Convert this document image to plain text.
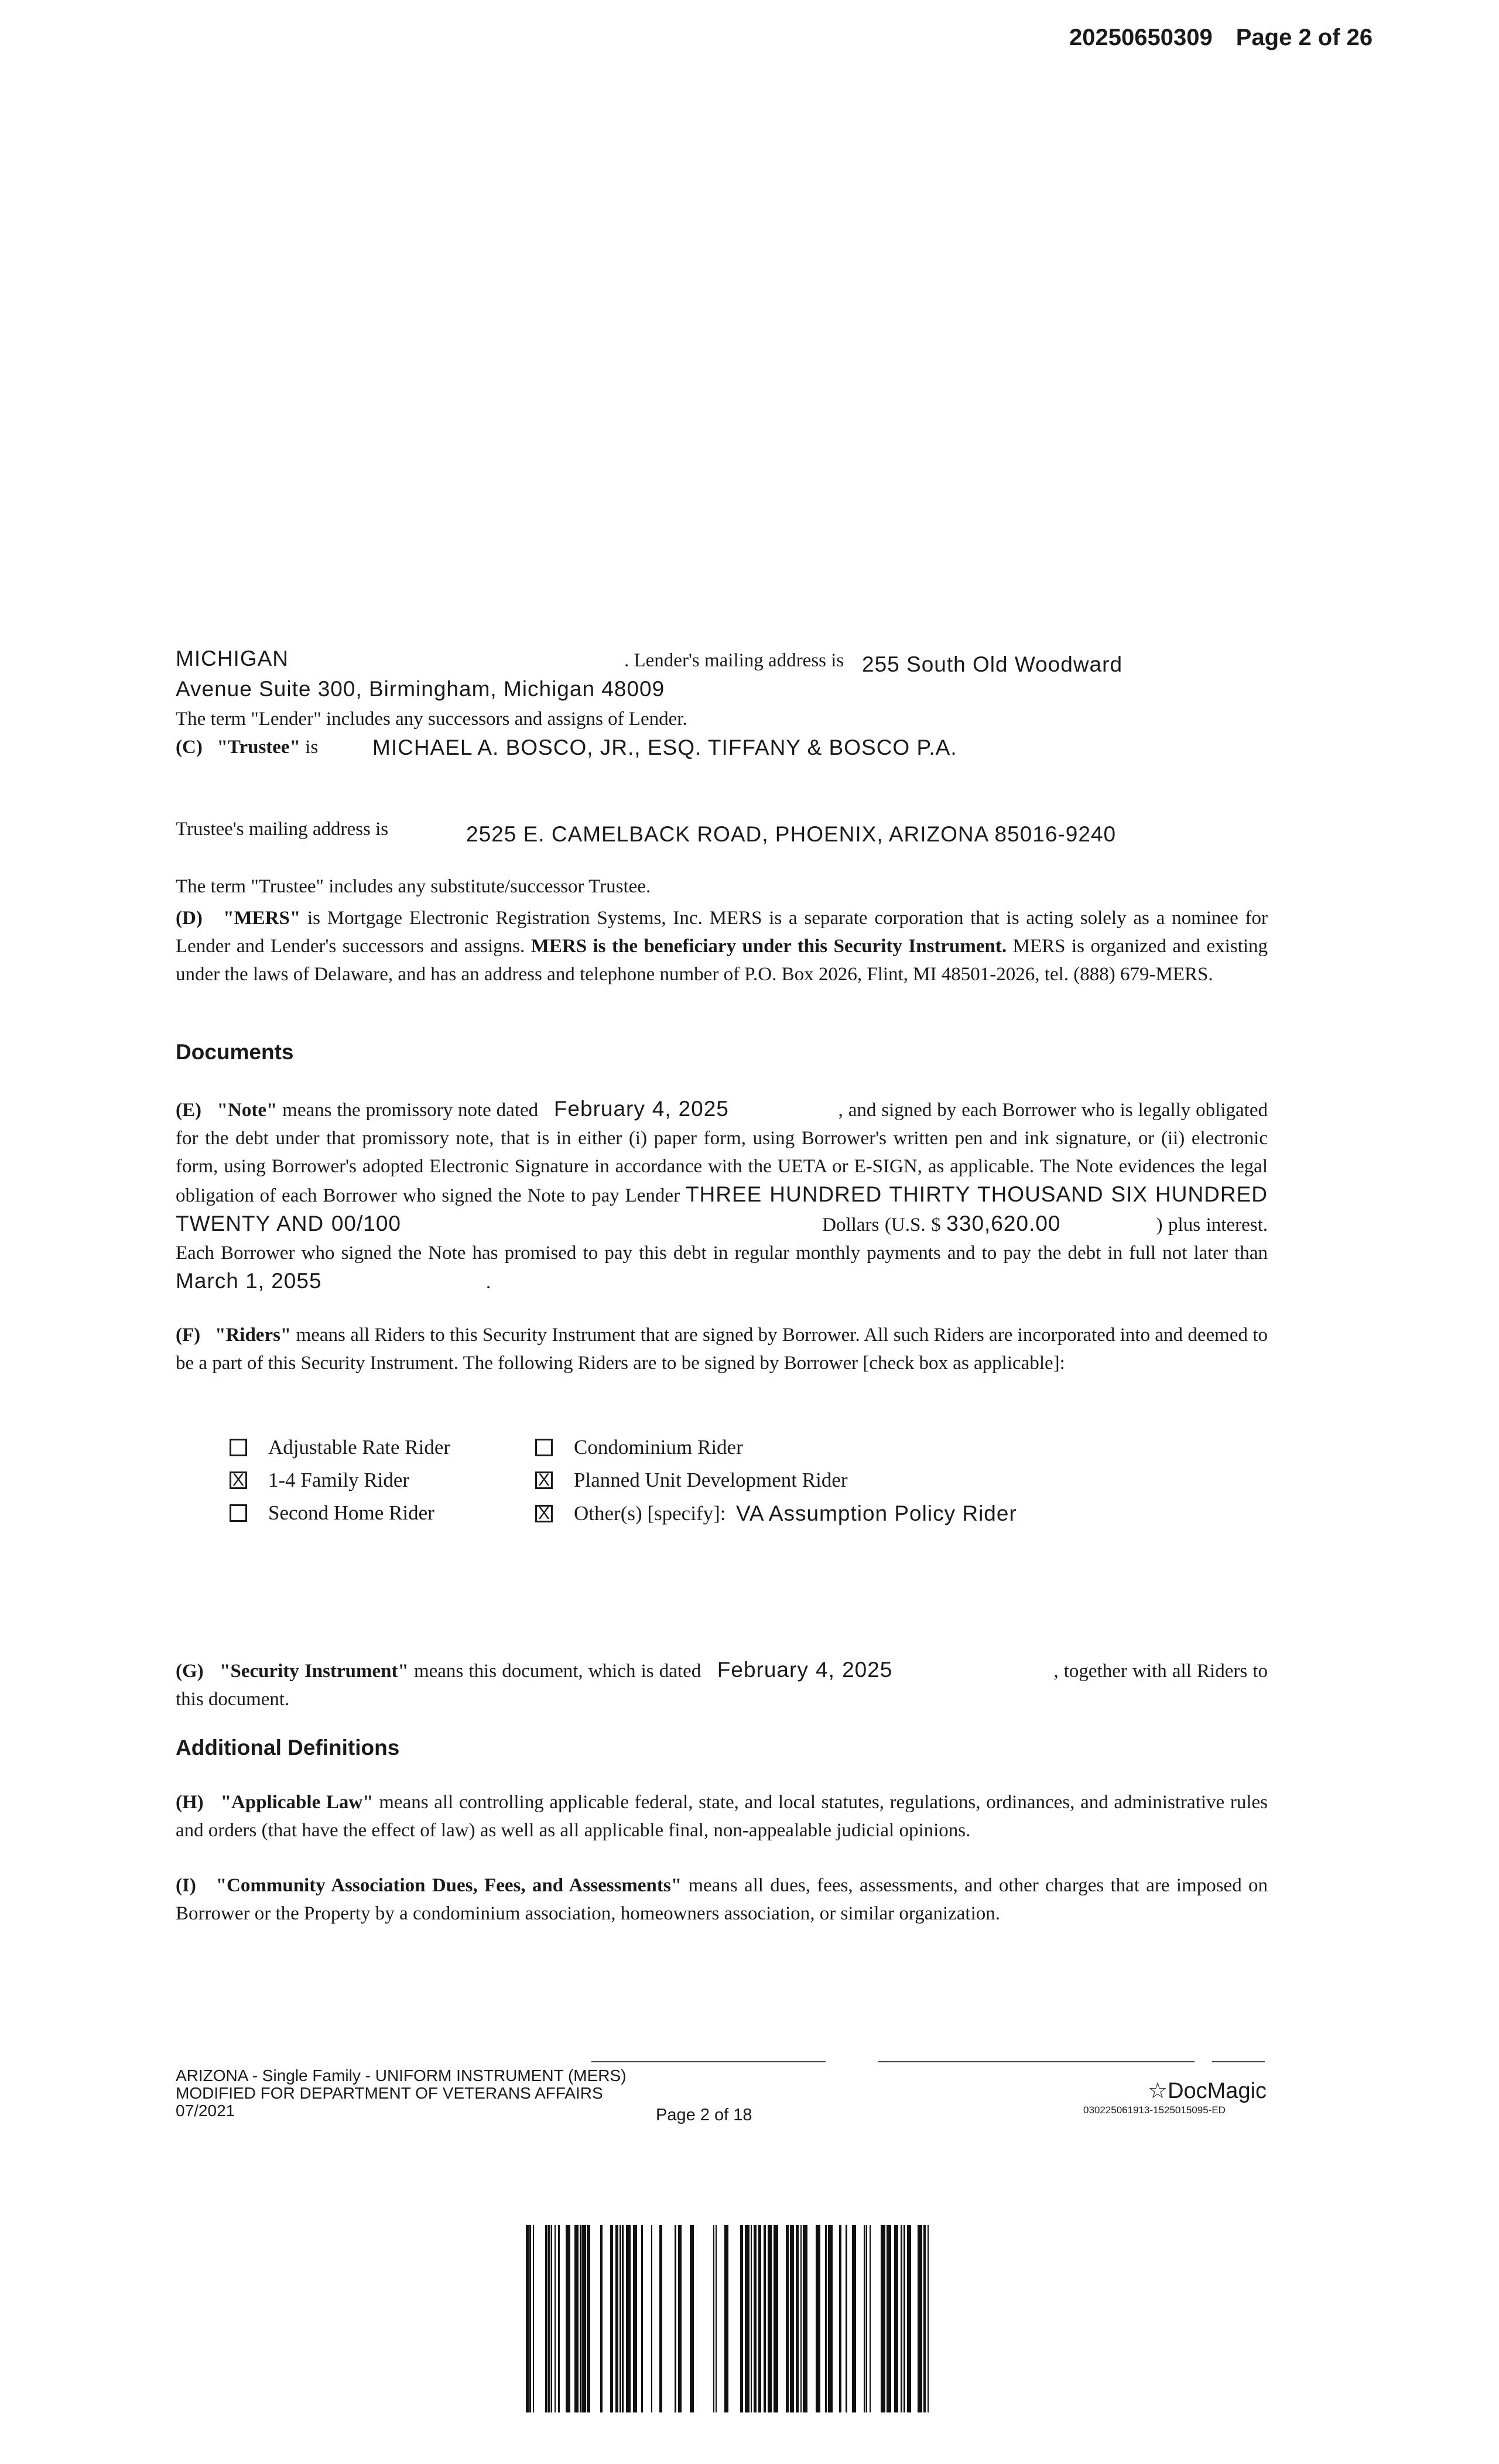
20250650309 Page 2 of 26
MICHIGAN	. Lender's mailing address is 255 South Old Woodward
Avenue Suite 300, Birmingham, Michigan 48009
The term "Lender" includes any successors and assigns of Lender.
(C) "Trustee" is	MICHAEL A. BOSCO, JR., ESQ. TIFFANY & BOSCO P.A.
Trustee's mailing address is	2525 E. CAMELBACK ROAD, PHOENIX, ARIZONA 85016-9240
The term "Trustee" includes any substitute/successor Trustee.
(D) "MERS" is Mortgage Electronic Registration Systems, Inc. MERS is a separate corporation that is acting solely as a nominee for Lender and Lender's successors and assigns. MERS is the beneficiary under this Security Instrument. MERS is organized and existing under the laws of Delaware, and has an address and telephone number of P.O. Box 2026, Flint, MI 48501-2026, tel. (888) 679-MERS.
Documents
(E) "Note" means the promissory note dated February 4, 2025	, and signed by each Borrower who is legally obligated for the debt under that promissory note, that is in either (i) paper form, using Borrower's written pen and ink signature, or (ii) electronic form, using Borrower's adopted Electronic Signature in accordance with the UETA or E-SIGN, as applicable. The Note evidences the legal obligation of each Borrower who signed the Note to pay Lender THREE HUNDRED THIRTY THOUSAND SIX HUNDRED TWENTY AND 00/100	Dollars (U.S. $ 330,620.00	) plus interest. Each Borrower who signed the Note has promised to pay this debt in regular monthly payments and to pay the debt in full not later than March 1, 2055	.
(F) "Riders" means all Riders to this Security Instrument that are signed by Borrower. All such Riders are incorporated into and deemed to be a part of this Security Instrument. The following Riders are to be signed by Borrower [check box as applicable]:
Adjustable Rate Rider	Condominium Rider
X 1-4 Family Rider	X Planned Unit Development Rider
Second Home Rider	X Other(s) [specify]:
VA Assumption Policy Rider
(G) "Security Instrument" means this document, which is dated February 4, 2025	, together with all Riders to this document.
Additional Definitions
(H) "Applicable Law" means all controlling applicable federal, state, and local statutes, regulations, ordinances, and administrative rules and orders (that have the effect of law) as well as all applicable final, non-appealable judicial opinions.
(I) "Community Association Dues, Fees, and Assessments" means all dues, fees, assessments, and other charges that are imposed on Borrower or the Property by a condominium association, homeowners association, or similar organization.
ARIZONA - Single Family - UNIFORM INSTRUMENT (MERS)
MODIFIED FOR DEPARTMENT OF VETERANS AFFAIRS
07/2021	Page 2 of 18
☆DocMagic
030225061913-1525015095-ED
